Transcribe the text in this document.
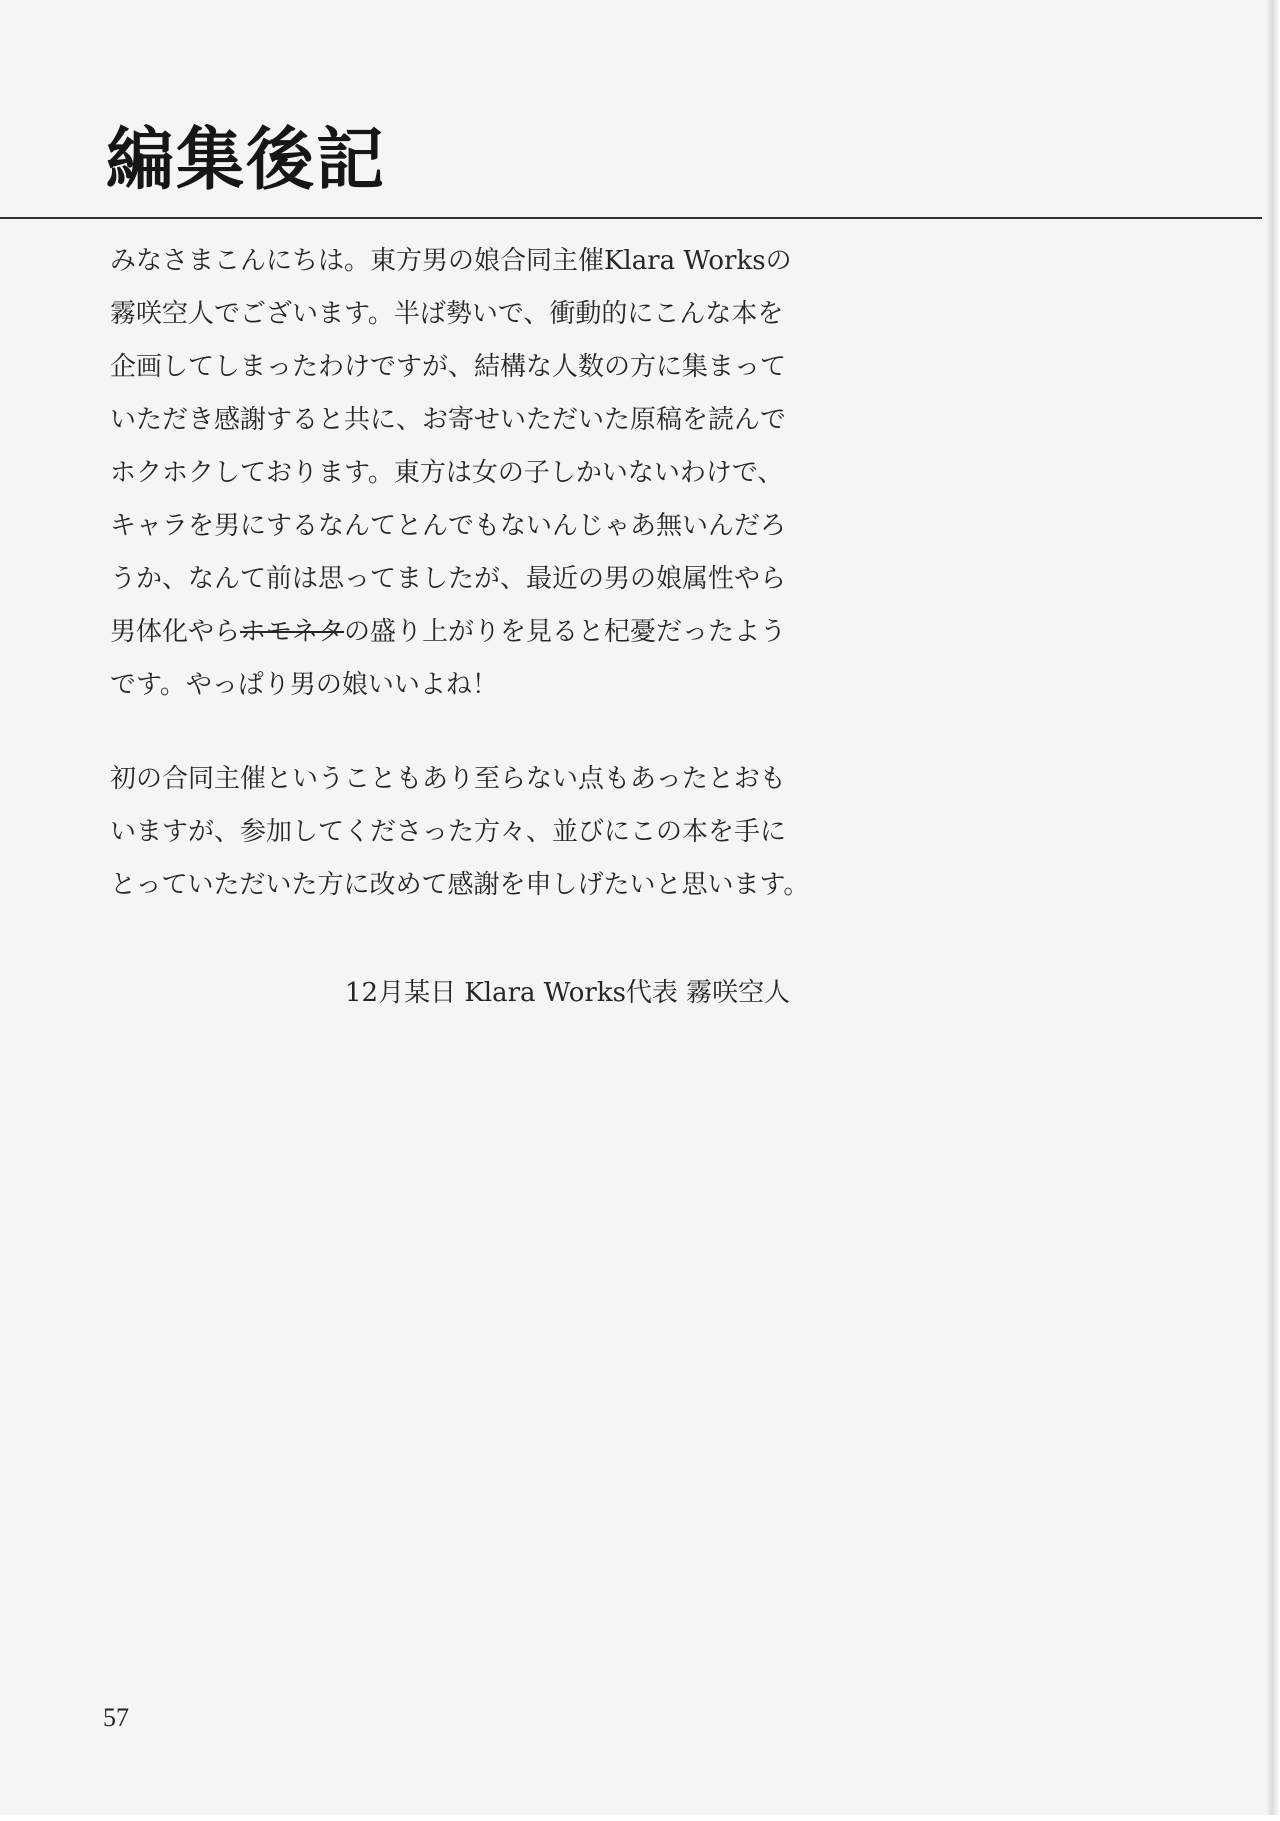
編集後記
みなさまこんにちは。東方男の娘合同主催Klara Worksの
霧咲空人でございます。半ば勢いで、衝動的にこんな本を
企画してしまったわけですが、結構な人数の方に集まって
いただき感謝すると共に、お寄せいただいた原稿を読んで
ホクホクしております。東方は女の子しかいないわけで、
キャラを男にするなんてとんでもないんじゃあ無いんだろ
うか、なんて前は思ってましたが、最近の男の娘属性やら
男体化やらホモネタの盛り上がりを見ると杞憂だったよう
です。やっぱり男の娘いいよね！
初の合同主催ということもあり至らない点もあったとおも
いますが、参加してくださった方々、並びにこの本を手に
とっていただいた方に改めて感謝を申しげたいと思います。
12月某日 Klara Works代表 霧咲空人
57
